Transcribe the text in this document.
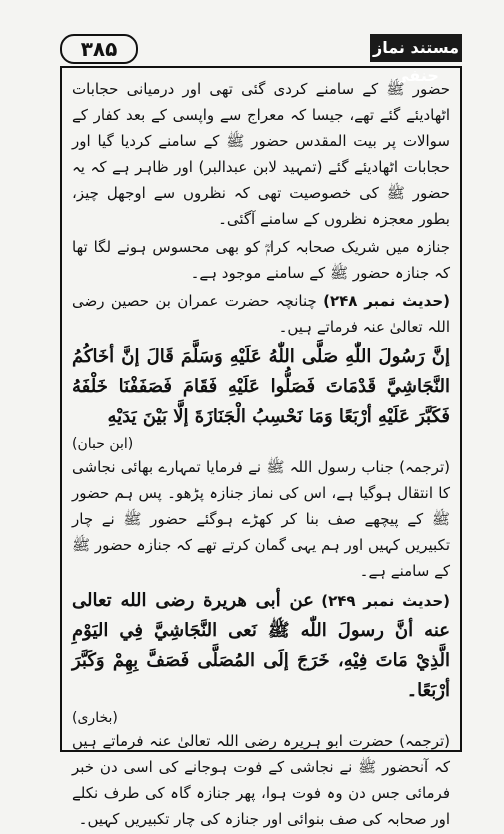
۳۸۵	مستند نماز حنفی

حضور ﷺ کے سامنے کردی گئی تھی اور درمیانی حجابات اٹھادیئے گئے تھے، جیسا کہ معراج سے واپسی کے بعد کفار کے سوالات پر بیت المقدس حضور ﷺ کے سامنے کردیا گیا اور حجابات اٹھادیئے گئے (تمہید لابن عبدالبر) اور ظاہر ہے کہ یہ حضور ﷺ کی خصوصیت تھی کہ نظروں سے اوجھل چیز، بطور معجزہ نظروں کے سامنے آگئی۔

جنازہ میں شریک صحابہ کرامؓ کو بھی محسوس ہونے لگا تھا کہ جنازہ حضور ﷺ کے سامنے موجود ہے۔

(حدیث نمبر ۲۴۸) چنانچہ حضرت عمران بن حصین رضی اللہ تعالیٰ عنہ فرماتے ہیں۔

إنَّ رَسُولَ اللّٰهِ صَلَّى اللّٰهُ عَلَيْهِ وَسَلَّمَ قَالَ إنَّ أخَاكُمُ النَّجَاشِيَّ قَدْمَاتَ فَصَلُّوا عَلَيْهِ فَقَامَ فَصَفَفْنَا خَلْفَهُ فَكَبَّرَ عَلَيْهِ أرْبَعًا وَمَا نَحْسِبُ الْجَنَازَةَ إلَّا بَيْنَ يَدَيْهِ

(ابن حبان)

(ترجمہ) جناب رسول اللہ ﷺ نے فرمایا تمہارے بھائی نجاشی کا انتقال ہوگیا ہے، اس کی نماز جنازہ پڑھو۔ پس ہم حضور ﷺ کے پیچھے صف بنا کر کھڑے ہوگئے حضور ﷺ نے چار تکبیریں کہیں اور ہم یہی گمان کرتے تھے کہ جنازہ حضور ﷺ کے سامنے ہے۔

(حدیث نمبر ۲۴۹) عن أبى هريرة رضى الله تعالى عنه أنَّ رسولَ اللّٰه ﷺ نَعى النَّجَاشِيَّ فِي اليَوْمِ الَّذِيْ مَاتَ فِيْهِ، خَرَجَ إلَى المُصَلَّى فَصَفَّ بِهِمْ وَكَبَّرَ أرْبَعًا۔

(بخاری)

(ترجمہ) حضرت ابو ہریرہ رضی اللہ تعالیٰ عنہ فرماتے ہیں کہ آنحضور ﷺ نے نجاشی کے فوت ہوجانے کی اسی دن خبر فرمائی جس دن وہ فوت ہوا، پھر جنازہ گاہ کی طرف نکلے اور صحابہ کی صف بنوائی اور جنازہ کی چار تکبیریں کہیں۔
